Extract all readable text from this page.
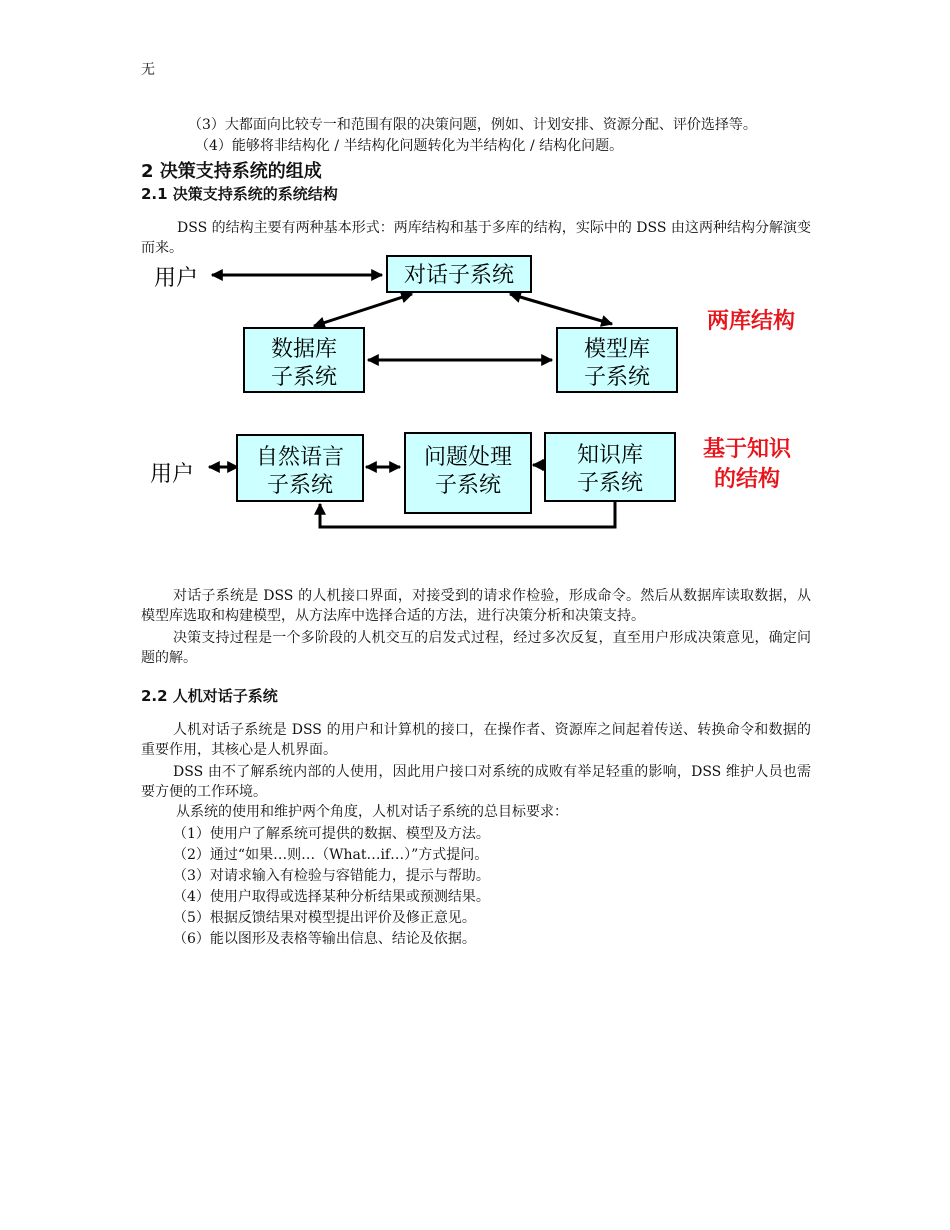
无
（3）大都面向比较专一和范围有限的决策问题，例如、计划安排、资源分配、评价选择等。
（4）能够将非结构化 / 半结构化问题转化为半结构化 / 结构化问题。
2 决策支持系统的组成
2.1 决策支持系统的系统结构
DSS 的结构主要有两种基本形式：两库结构和基于多库的结构，实际中的 DSS 由这两种结构分解演变而来。
用户	对话子系统
数据库
子系统
模型库
子系统
两库结构
用户
自然语言
子系统
问题处理
子系统
知识库
子系统
基于知识
的结构
对话子系统是 DSS 的人机接口界面，对接受到的请求作检验，形成命令。然后从数据库读取数据，从模型库选取和构建模型，从方法库中选择合适的方法，进行决策分析和决策支持。
决策支持过程是一个多阶段的人机交互的启发式过程，经过多次反复，直至用户形成决策意见，确定问题的解。
2.2 人机对话子系统
人机对话子系统是 DSS 的用户和计算机的接口，在操作者、资源库之间起着传送、转换命令和数据的重要作用，其核心是人机界面。
DSS 由不了解系统内部的人使用，因此用户接口对系统的成败有举足轻重的影响，DSS 维护人员也需要方便的工作环境。
从系统的使用和维护两个角度，人机对话子系统的总目标要求：
（1）使用户了解系统可提供的数据、模型及方法。
（2）通过“如果…则…（What…if…）”方式提问。
（3）对请求输入有检验与容错能力，提示与帮助。
（4）使用户取得或选择某种分析结果或预测结果。
（5）根据反馈结果对模型提出评价及修正意见。
（6）能以图形及表格等输出信息、结论及依据。
